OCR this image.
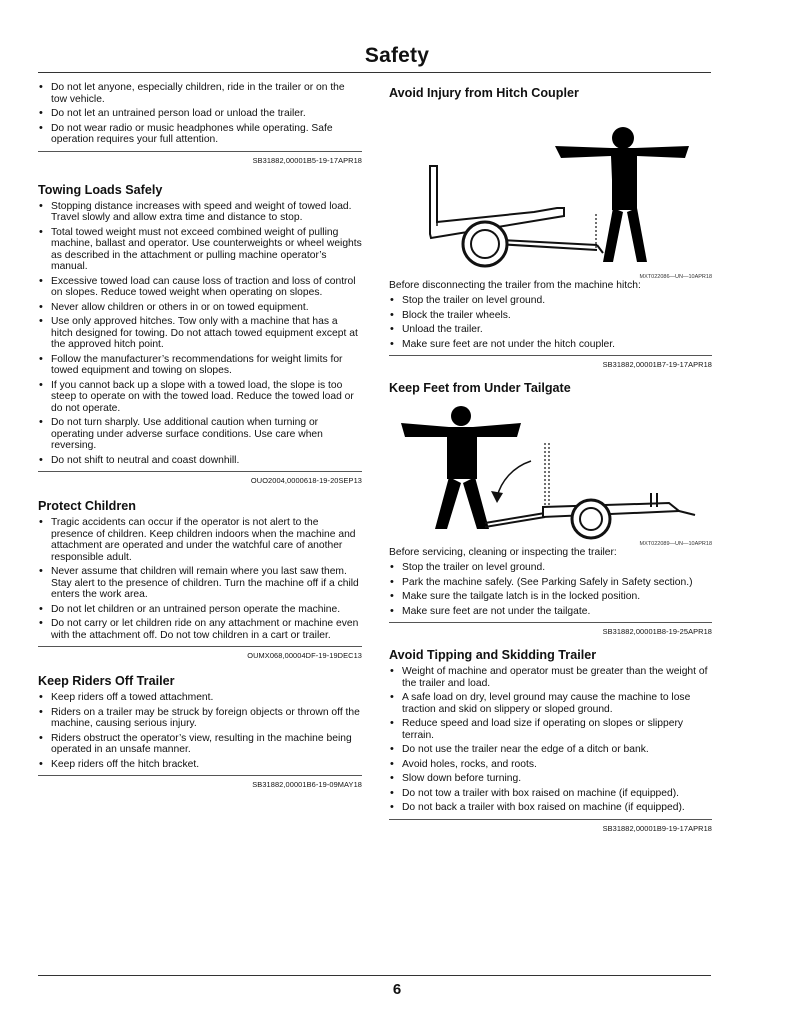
Safety
• Do not let anyone, especially children, ride in the trailer or on the tow vehicle.
• Do not let an untrained person load or unload the trailer.
• Do not wear radio or music headphones while operating. Safe operation requires your full attention.
SB31882,00001B5-19-17APR18
Towing Loads Safely
• Stopping distance increases with speed and weight of towed load. Travel slowly and allow extra time and distance to stop.
• Total towed weight must not exceed combined weight of pulling machine, ballast and operator. Use counterweights or wheel weights as described in the attachment or pulling machine operator’s manual.
• Excessive towed load can cause loss of traction and loss of control on slopes. Reduce towed weight when operating on slopes.
• Never allow children or others in or on towed equipment.
• Use only approved hitches. Tow only with a machine that has a hitch designed for towing. Do not attach towed equipment except at the approved hitch point.
• Follow the manufacturer’s recommendations for weight limits for towed equipment and towing on slopes.
• If you cannot back up a slope with a towed load, the slope is too steep to operate on with the towed load. Reduce the towed load or do not operate.
• Do not turn sharply. Use additional caution when turning or operating under adverse surface conditions. Use care when reversing.
• Do not shift to neutral and coast downhill.
OUO2004,0000618-19-20SEP13
Protect Children
• Tragic accidents can occur if the operator is not alert to the presence of children. Keep children indoors when the machine and attachment are operated and under the watchful care of another responsible adult.
• Never assume that children will remain where you last saw them. Stay alert to the presence of children. Turn the machine off if a child enters the work area.
• Do not let children or an untrained person operate the machine.
• Do not carry or let children ride on any attachment or machine even with the attachment off. Do not tow children in a cart or trailer.
OUMX068,00004DF-19-19DEC13
Keep Riders Off Trailer
• Keep riders off a towed attachment.
• Riders on a trailer may be struck by foreign objects or thrown off the machine, causing serious injury.
• Riders obstruct the operator’s view, resulting in the machine being operated in an unsafe manner.
• Keep riders off the hitch bracket.
SB31882,00001B6-19-09MAY18
Avoid Injury from Hitch Coupler
MXT022086—UN—10APR18
Before disconnecting the trailer from the machine hitch:
• Stop the trailer on level ground.
• Block the trailer wheels.
• Unload the trailer.
• Make sure feet are not under the hitch coupler.
SB31882,00001B7-19-17APR18
Keep Feet from Under Tailgate
MXT022089—UN—10APR18
Before servicing, cleaning or inspecting the trailer:
• Stop the trailer on level ground.
• Park the machine safely. (See Parking Safely in Safety section.)
• Make sure the tailgate latch is in the locked position.
• Make sure feet are not under the tailgate.
SB31882,00001B8-19-25APR18
Avoid Tipping and Skidding Trailer
• Weight of machine and operator must be greater than the weight of the trailer and load.
• A safe load on dry, level ground may cause the machine to lose traction and skid on slippery or sloped ground.
• Reduce speed and load size if operating on slopes or slippery terrain.
• Do not use the trailer near the edge of a ditch or bank.
• Avoid holes, rocks, and roots.
• Slow down before turning.
• Do not tow a trailer with box raised on machine (if equipped).
• Do not back a trailer with box raised on machine (if equipped).
SB31882,00001B9-19-17APR18
6
